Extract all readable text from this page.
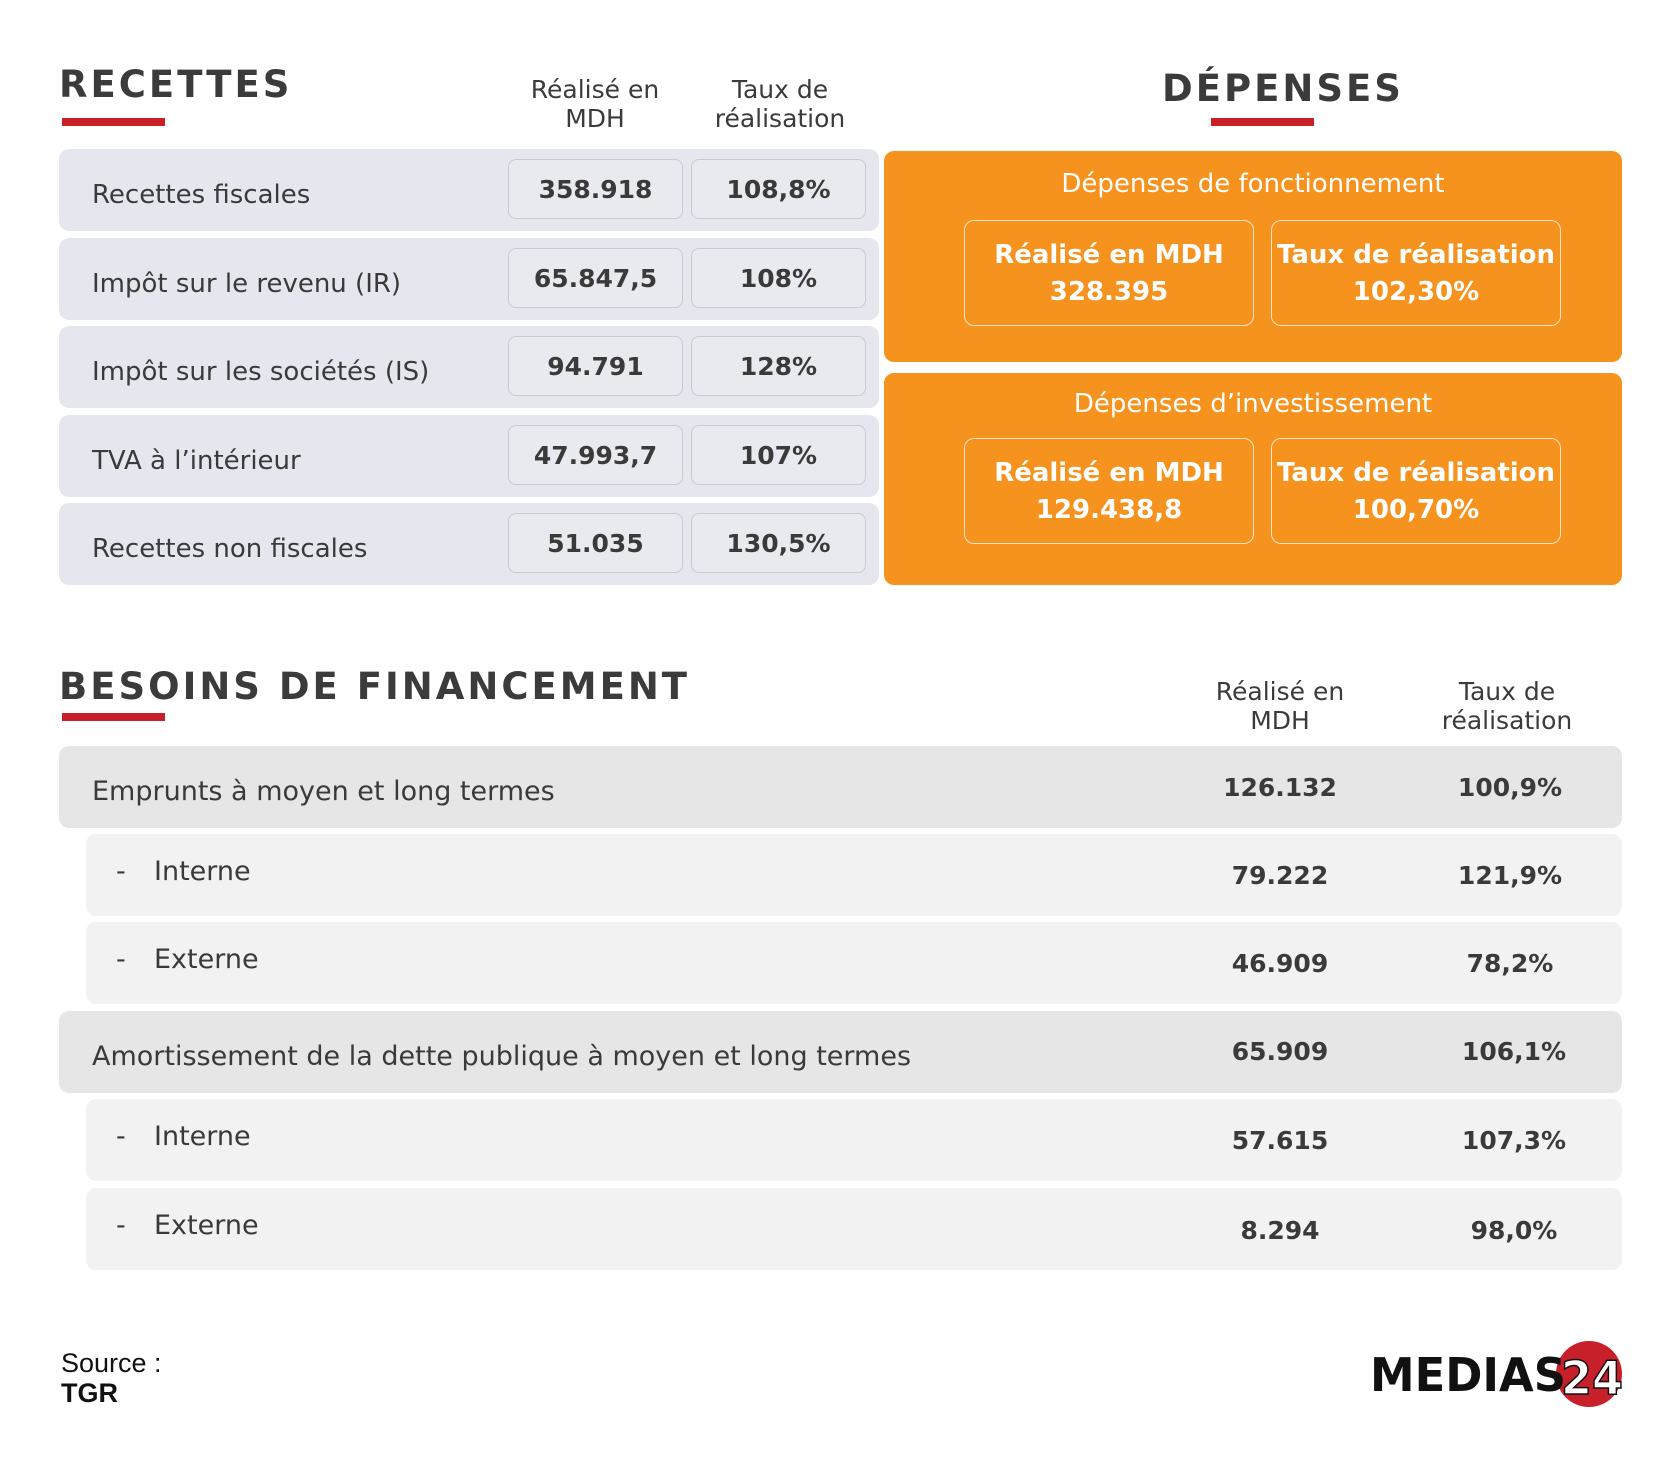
RECETTES	Réalisé en MDH
Taux de réalisation
Recettes fiscales	358.918	108,8%
Impôt sur le revenu (IR)	65.847,5	108%
Impôt sur les sociétés (IS)	94.791	128%
TVA à l’intérieur	47.993,7	107%
Recettes non fiscales	51.035	130,5%
DÉPENSES
Dépenses de fonctionnement
Réalisé en MDH
328.395
Taux de réalisation
102,30%
Dépenses d’investissement
Réalisé en MDH
129.438,8
Taux de réalisation
100,70%
BESOINS DE FINANCEMENT	Réalisé en MDH
Taux de réalisation
Emprunts à moyen et long termes	126.132	100,9%
- Interne	79.222	121,9%
- Externe	46.909	78,2%
Amortissement de la dette publique à moyen et long termes	65.909	106,1%
- Interne	57.615	107,3%
- Externe	8.294	98,0%
Source :
TGR	MEDIAS
24
